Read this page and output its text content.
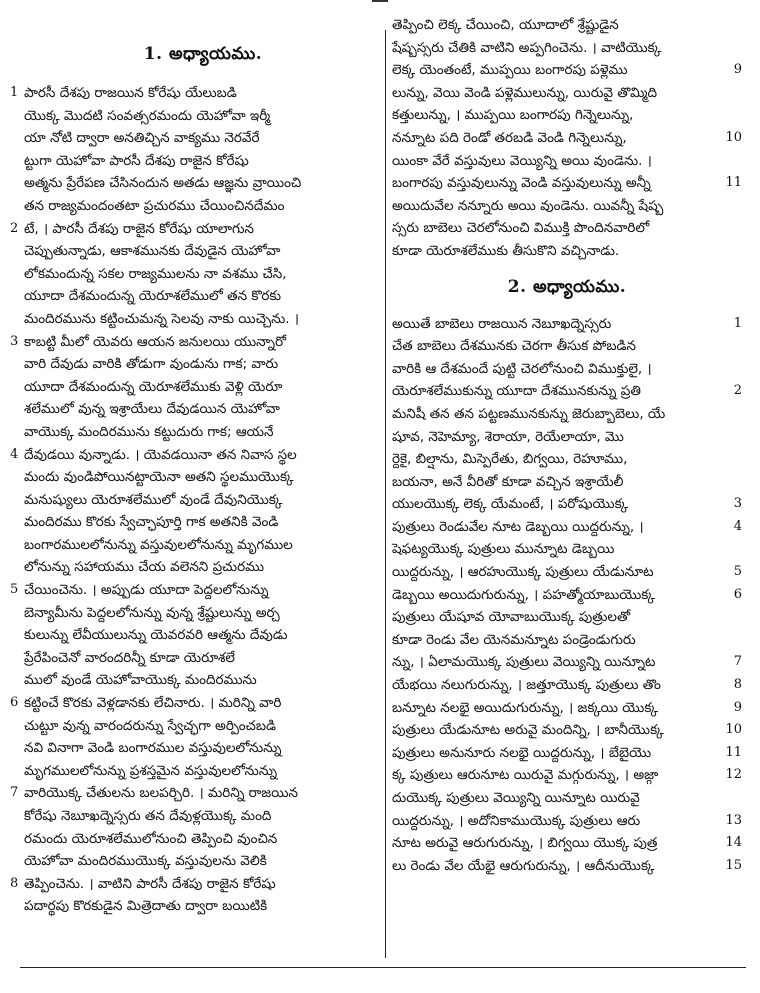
1. అధ్యాయము.
1 పారసీ దేశపు రాజయిన కోరేషు యేలుబడి
యొక్క మొదటి సంవత్సరమందు యెహోవా ఇర్మీ
యా నోటి ద్వారా అనతిచ్చిన వాక్యము నెరవేరే
ట్టుగా యెహోవా పారసీ దేశపు రాజైన కోరేషు
అత్మను ప్రేరేపణ చేసినందున అతడు ఆజ్ఞను వ్రాయించి
తన రాజ్యమందంతటా ప్రచురము చేయించినదేమం
2 టే, । పారసీ దేశపు రాజైన కోరేషు యాలాగున
చెప్పుతున్నాడు, ఆకాశమునకు దేవుడైన యెహోవా
లోకమందున్న సకల రాజ్యములను నా వశము చేసి,
యూదా దేశమందున్న యెరూశలేములో తన కొరకు
మందిరమును కట్టించుమన్న సెలవు నాకు యిచ్చెను. ।
3 కాబట్టి మీలో యెవరు ఆయన జనులయి యున్నారో
వారి దేవుడు వారికి తోడుగా వుండును గాక; వారు
యూదా దేశమందున్న యెరూశలేముకు వెళ్లి యెరూ
శలేములో వున్న ఇశ్రాయేలు దేవుడయిన యెహోవా
వాయొక్క మందిరమును కట్టుదురు గాక; ఆయనే
4 దేవుడయి వున్నాడు. । యెవడయినా తన నివాస స్థల
మందు వుండిపోయినట్టాయెనా అతని స్థలముయొక్క
మనుష్యులు యెరూశలేములో వుండే దేవునియొక్క
మందిరము కొరకు స్వేచ్ఛాపూర్తి గాక అతనికి వెండి
బంగారములలోనున్ను వస్తువులలోనున్ను మృగముల
లోనున్ను సహాయము చేయ వలెనని ప్రచురము
5 చేయించెను. । అప్పుడు యూదా పెద్దలలోనున్ను
బెన్యామీను పెద్దలలోనున్ను వున్న శ్రేష్టులున్ను అర్చ
కులున్ను లేవీయులున్ను యెవరవరి ఆత్మను దేవుడు
ప్రేరేపించెనో వారందరిన్నీ కూడా యెరూశలే
ములో వుండే యెహోవాయొక్క మందిరమును
6 కట్టించే కొరకు వెళ్లడానకు లేచినారు. । మరిన్ని వారి
చుట్టూ వున్న వారందరున్ను స్వేచ్ఛగా అర్పించబడి
నవి వినాగా వెండి బంగారముల వస్తువులలోనున్ను
మృగములలోనున్ను ప్రశస్తమైన వస్తువులలోనున్ను
7 వారియొక్క చేతులను బలపర్చిరి. । మరిన్ని రాజయిన
కోరేషు నెబూఖద్నెస్సరు తన దేవుళ్లయొక్క మంది
రమందు యెరూశలేములోనుంచి తెప్పించి వుంచిన
యెహోవా మందిరముయొక్క వస్తువులను వెలికి
8 తెప్పించెను. । వాటిని పారసీ దేశపు రాజైన కోరేషు
పదార్థపు కొరకుడైన మిత్రెదాతు ద్వారా బయిటికి
తెప్పించి లెక్క చేయించి, యూదాలో శ్రేష్టుడైన
షేష్బస్సరు చేతికి వాటిని అప్పగించెను. । వాటియొక్క
9
లెక్క యెంతంటే, ముప్పయి బంగారపు పళ్లెము
లున్ను, వెయి వెండి పళ్లెములున్ను, యిరువై తొమ్మిది
కత్తులున్ను, । ముప్పయి బంగారపు గిన్నెలున్ను,
10
నన్నూట పది రెండో తరబడి వెండి గిన్నెలున్ను,
యింకా వేరే వస్తువులు వెయ్యిన్ని అయి వుండెను. ।
11
బంగారపు వస్తువులున్ను వెండి వస్తువులున్ను అన్నీ
అయిదువేల నన్నూరు అయి వుండెను. యివన్నీ షేష్బ
స్సరు బాబెలు చెరలోనుంచి విముక్తి పొందినవారిలో
కూడా యెరూశలేముకు తీసుకొని వచ్చినాడు.
2. అధ్యాయము.
1
అయితే బాబెలు రాజయిన నెబూఖద్నెస్సరు
చేత బాబెలు దేశమునకు చెరగా తీసుక పోబడిన
వారికి ఆ దేశమందే పుట్టి చెరలోనుంచి విముక్తులై, ।
2
యెరూశలేముకున్ను యూదా దేశమునకున్ను ప్రతి
మనిషీ తన తన పట్టణమునకున్ను జెరుబ్బాబెలు, యే
షూవ, నెహెమ్యా, శెరాయా, రెయేలాయా, మొ
ర్దెకై, బిల్షాను, మిస్పెరేతు, బిగ్వయి, రెహూము,
బయనా, అనే వీరితో కూడా వచ్చిన ఇశ్రాయేలీ
3
యులయొక్క లెక్క యేమంటే, । పరోషుయొక్క
4
పుత్రులు రెండువేల నూట డెబ్బయి యిద్దరున్ను, ।
షెఫట్యయొక్క పుత్రులు మున్నూట డెబ్బయి
5
యిద్దరున్ను, । ఆరహుయొక్క పుత్రులు యేడునూట
6
డెబ్బయి అయిదుగురున్ను, । పహత్మోయాబుయొక్క
పుత్రులు యేషూవ యోవాబుయొక్క పుత్రులతో
కూడా రెండు వేల యెనమన్నూట పండ్రెండుగురు
7
న్ను, । ఏలామయొక్క పుత్రులు వెయ్యిన్ని యిన్నూట
8
యేభయి నలుగురున్ను, । జత్తూయొక్క పుత్రులు తొం
9
బన్నూట నలభై అయిదుగురున్ను, । జక్కయి యొక్క
10
పుత్రులు యేడునూట అరువై మందిన్ని, । బానీయొక్క
11
పుత్రులు అనునూరు నలభై యిద్దరున్ను, । బేబైయొ
12
క్క పుత్రులు ఆరునూట యిరువై మగ్గురున్ను, । అజ్గా
దుయొక్క పుత్రులు వెయ్యిన్ని యిన్నూట యిరువై
13
యిద్దరున్ను, । అదోనికాముయొక్క పుత్రులు ఆరు
14
నూట అరువై ఆరుగురున్ను, । బిగ్వయి యొక్క పుత్ర
15
లు రెండు వేల యేభై ఆరుగురున్ను, । ఆదీనుయొక్క
